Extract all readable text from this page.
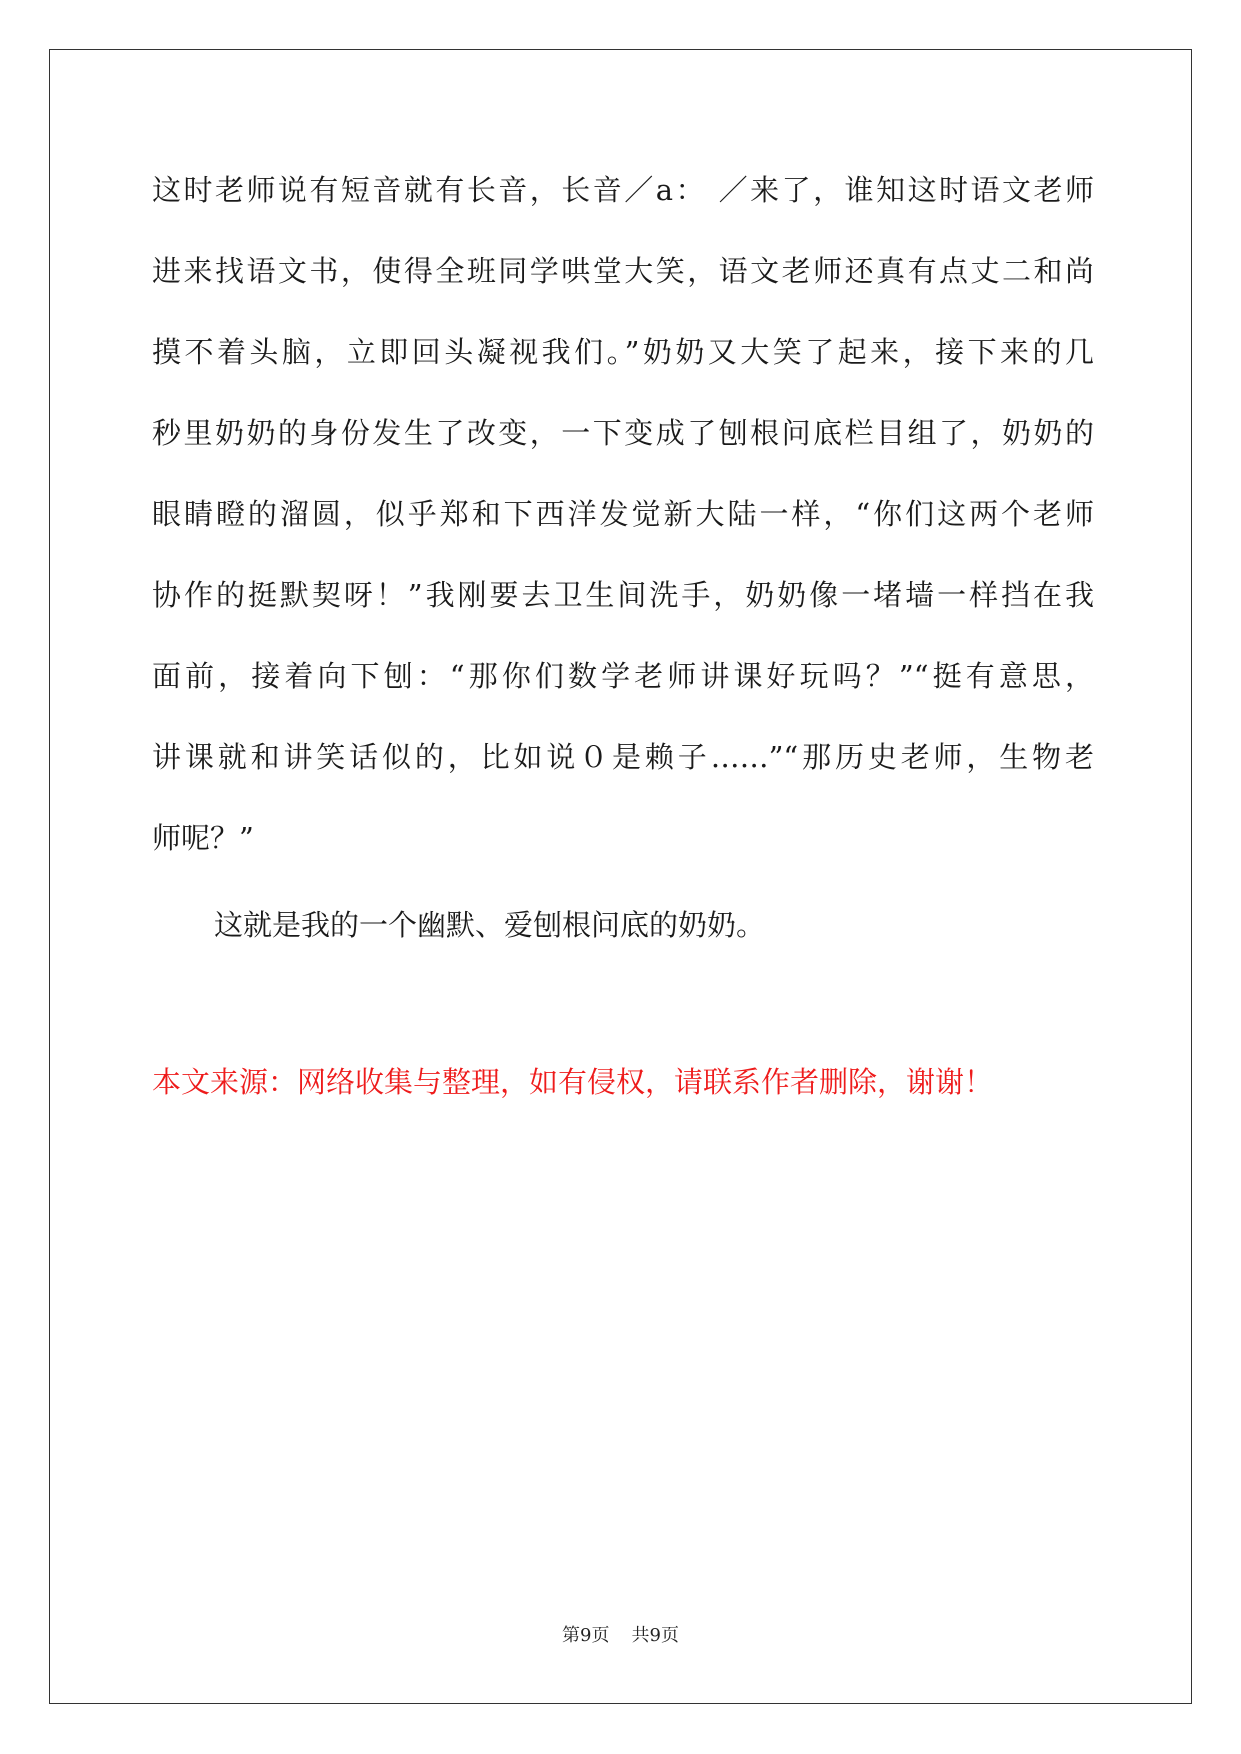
这时老师说有短音就有长音，长音／a： ／来了，谁知这时语文老师
进来找语文书，使得全班同学哄堂大笑，语文老师还真有点丈二和尚
摸不着头脑，立即回头凝视我们。”奶奶又大笑了起来，接下来的几
秒里奶奶的身份发生了改变，一下变成了刨根问底栏目组了，奶奶的
眼睛瞪的溜圆，似乎郑和下西洋发觉新大陆一样，“你们这两个老师
协作的挺默契呀！”我刚要去卫生间洗手，奶奶像一堵墙一样挡在我
面前，接着向下刨：“那你们数学老师讲课好玩吗？”“挺有意思，
讲课就和讲笑话似的，比如说０是赖子……”“那历史老师，生物老
师呢？”
这就是我的一个幽默、爱刨根问底的奶奶。
本文来源：网络收集与整理，如有侵权，请联系作者删除，谢谢！
第9页 共9页
